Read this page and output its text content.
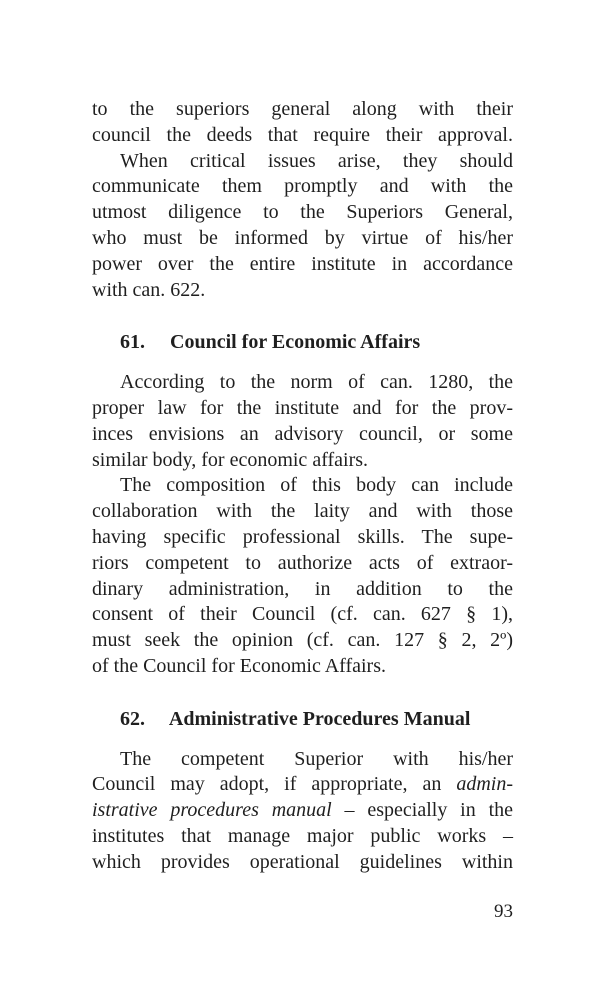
to the superiors general along with their
council the deeds that require their approval.

When critical issues arise, they should
communicate them promptly and with the
utmost diligence to the Superiors General,
who must be informed by virtue of his/her
power over the entire institute in accordance
with can. 622.

61. Council for Economic Affairs

According to the norm of can. 1280, the
proper law for the institute and for the prov-
inces envisions an advisory council, or some
similar body, for economic affairs.

The composition of this body can include
collaboration with the laity and with those
having specific professional skills. The supe-
riors competent to authorize acts of extraor-
dinary administration, in addition to the
consent of their Council (cf. can. 627 § 1),
must seek the opinion (cf. can. 127 § 2, 2º)
of the Council for Economic Affairs.

62. Administrative Procedures Manual

The competent Superior with his/her
Council may adopt, if appropriate, an admin-
istrative procedures manual – especially in the
institutes that manage major public works –
which provides operational guidelines within

93
